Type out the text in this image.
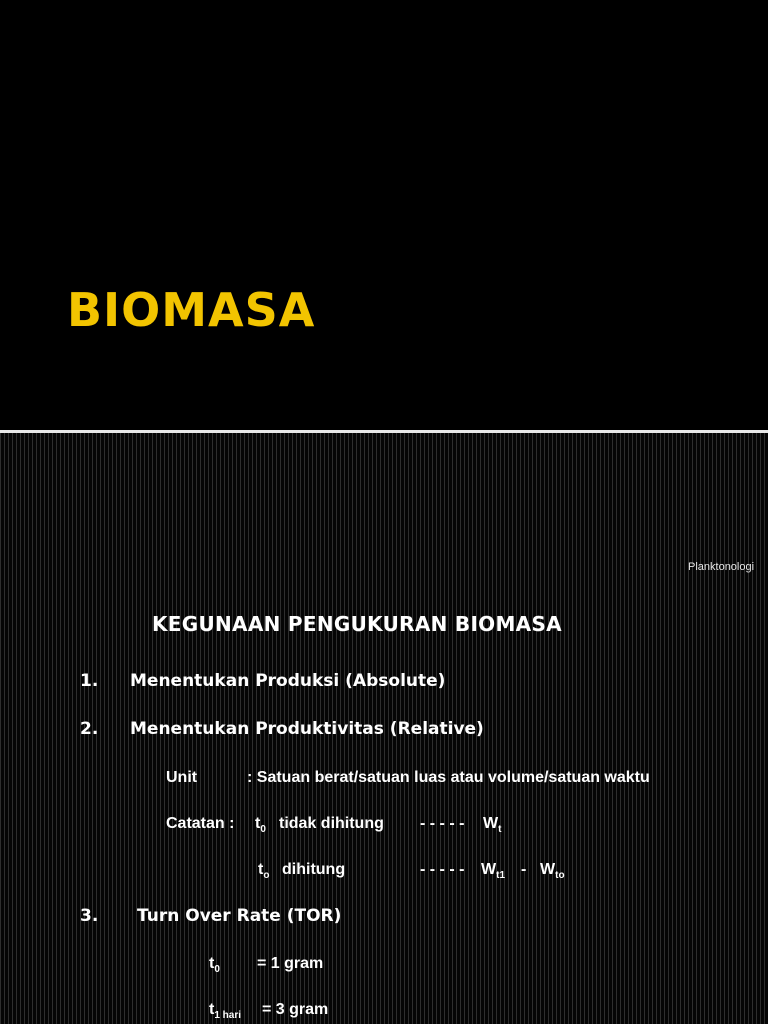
BIOMASA
Planktonologi
KEGUNAAN PENGUKURAN BIOMASA
1. Menentukan Produksi (Absolute)
2. Menentukan Produktivitas (Relative)
Unit	: Satuan berat/satuan luas atau volume/satuan waktu
Catatan : $t_0$ tidak dihitung - - - - - $W_t$
$t_o$ dihitung	- - - - - $W_{t1} - W_{to}$
3. Turn Over Rate (TOR)
$t_0 = 1$ gram
$t_{1 hari} = 3$ gram
